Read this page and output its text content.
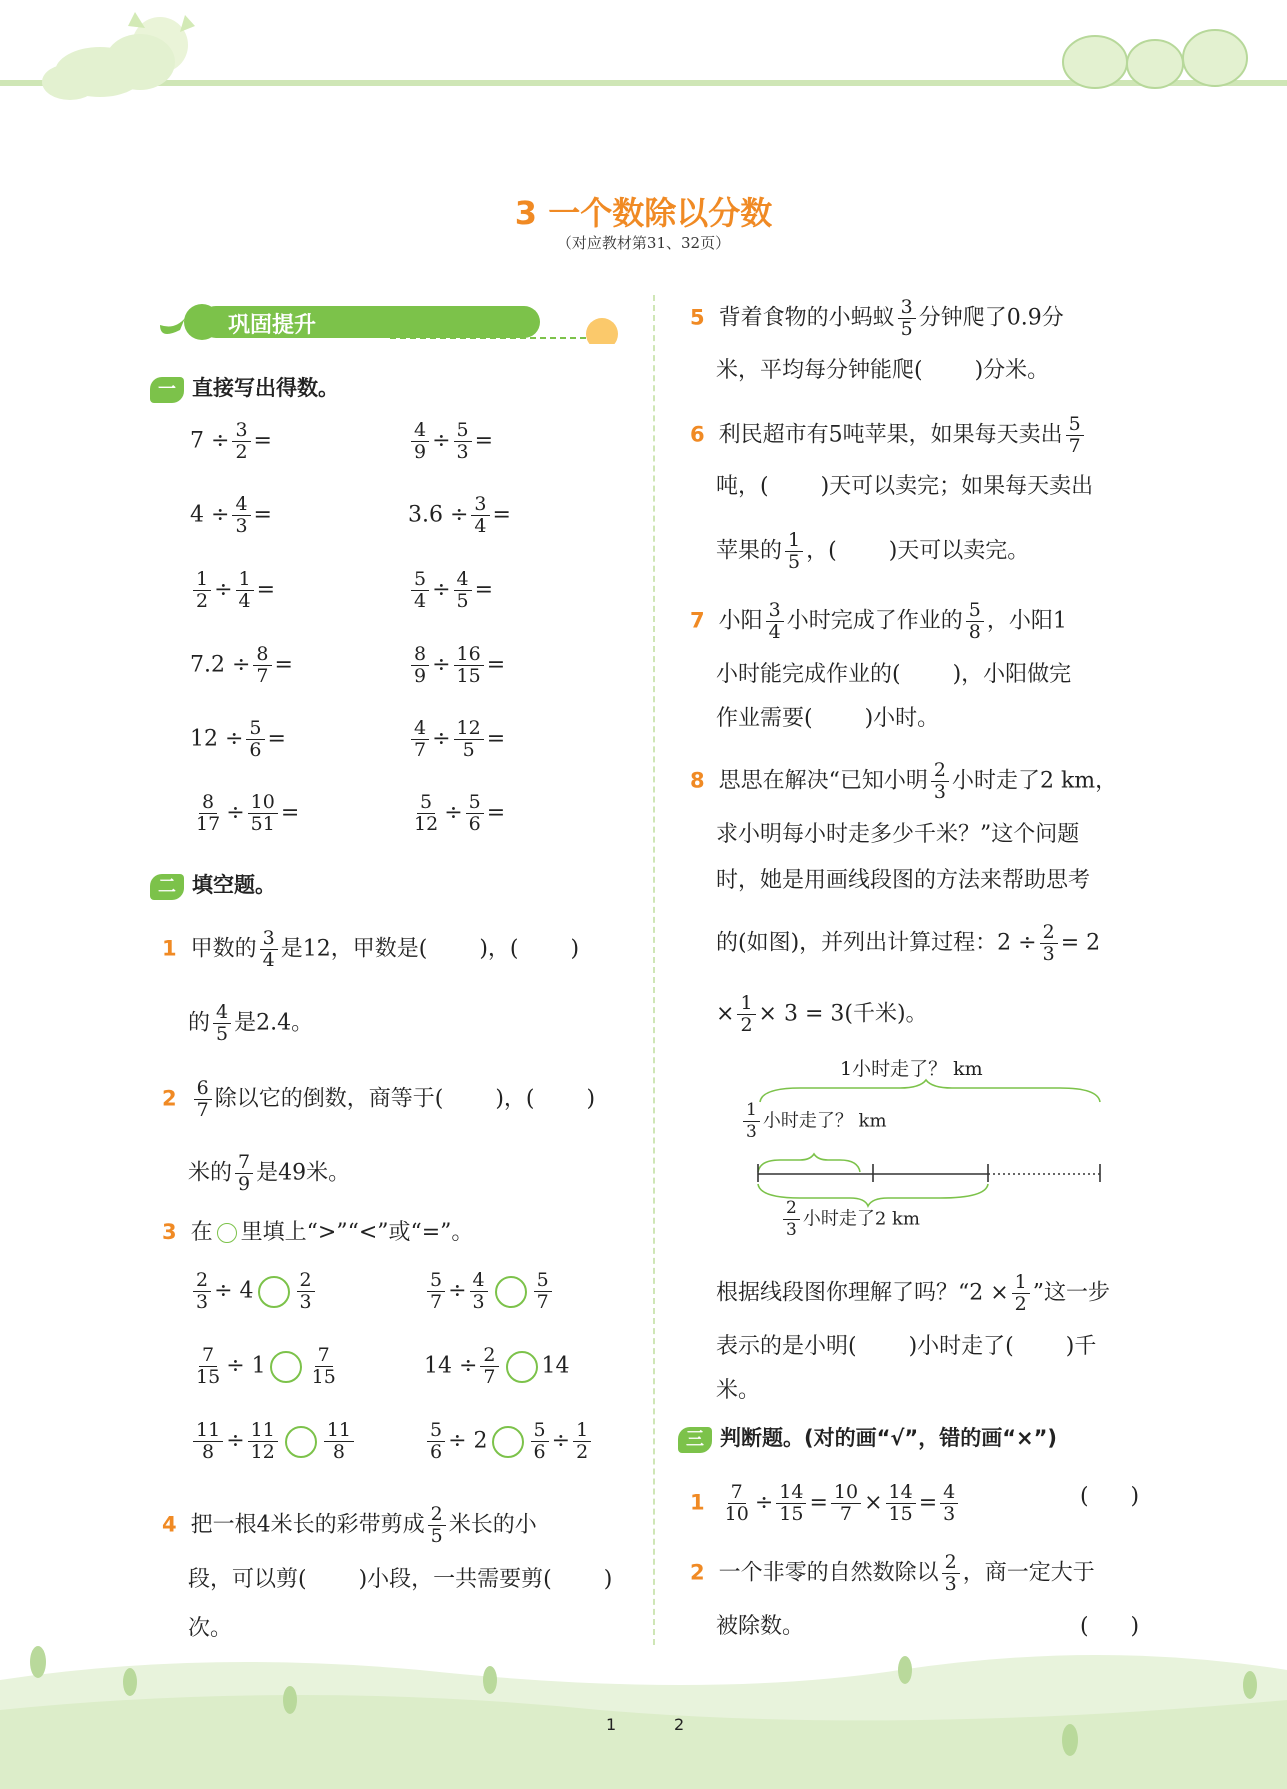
3 一个数除以分数
（对应教材第31、32页）
巩固提升
一 直接写出得数。
$7 \div \frac{3}{2}$ =	$\frac{4}{9} \div \frac{5}{3}$ =
$4 \div \frac{4}{3}$ =	$3.6 \div \frac{3}{4}$ =
$\frac{1}{2} \div \frac{1}{4}$ =	$\frac{5}{4} \div \frac{4}{5}$ =
$7.2 \div \frac{8}{7}$ =	$\frac{8}{9} \div \frac{16}{15}$ =
$12 \div \frac{5}{6}$ =	$\frac{4}{7} \div \frac{12}{5}$ =
$\frac{8}{17} \div \frac{10}{51}$ =	$\frac{5}{12} \div \frac{5}{6}$ =
二 填空题。
1 甲数的 $\frac{3}{4}$ 是12，甲数是( )，( )
的 $\frac{4}{5}$ 是2.4。
$2 \frac{6}{7}$ 除以它的倒数，商等于( )，( )
米的 $\frac{7}{9}$ 是49米。
3 在 里填上“>”“<”或“=”。
$\frac{2}{3} \div 4 \frac{2}{3}$	$\frac{5}{7} \div \frac{4}{3} \frac{5}{7}$
$\frac{7}{15} \div 1 \frac{7}{15}$	$14 \div \frac{2}{7} 14$
$\frac{11}{8} \div \frac{11}{12} \frac{11}{8}$	$\frac{5}{6} \div 2 \frac{5}{6} \div \frac{1}{2}$
4 把一根4米长的彩带剪成 $\frac{2}{5}$ 米长的小
段，可以剪( )小段，一共需要剪( )
次。
5 背着食物的小蚂蚁 $\frac{3}{5}$ 分钟爬了0.9分
米，平均每分钟能爬( )分米。
6 利民超市有5吨苹果，如果每天卖出 $\frac{5}{7}$
吨，( )天可以卖完；如果每天卖出
苹果的 $\frac{1}{5}$ ，( )天可以卖完。
7 小阳 $\frac{3}{4}$ 小时完成了作业的 $\frac{5}{8}$ ，小阳1
小时能完成作业的( )，小阳做完
作业需要( )小时。
8 思思在解决“已知小明 $\frac{2}{3}$ 小时走了2 km，
求小明每小时走多少千米？”这个问题
时，她是用画线段图的方法来帮助思考
的(如图)，并列出计算过程：$2 \div \frac{2}{3} = 2$
× $\frac{1}{2} \times 3 = 3$(千米)。
1小时走了？ km
$\frac{1}{3}$ 小时走了？ km
$\frac{2}{3}$ 小时走了2 km
根据线段图你理解了吗？“$2 \times \frac{1}{2}$ ”这一步
表示的是小明( )小时走了( )千
米。
三 判断题。(对的画“√”，错的画“×”)
$1 \frac{7}{10} \div \frac{14}{15} = \frac{10}{7} \times \frac{14}{15} = \frac{4}{3}$	(      )
2 一个非零的自然数除以 $\frac{2}{3}$ ，商一定大于
被除数。	(      )
1	2
